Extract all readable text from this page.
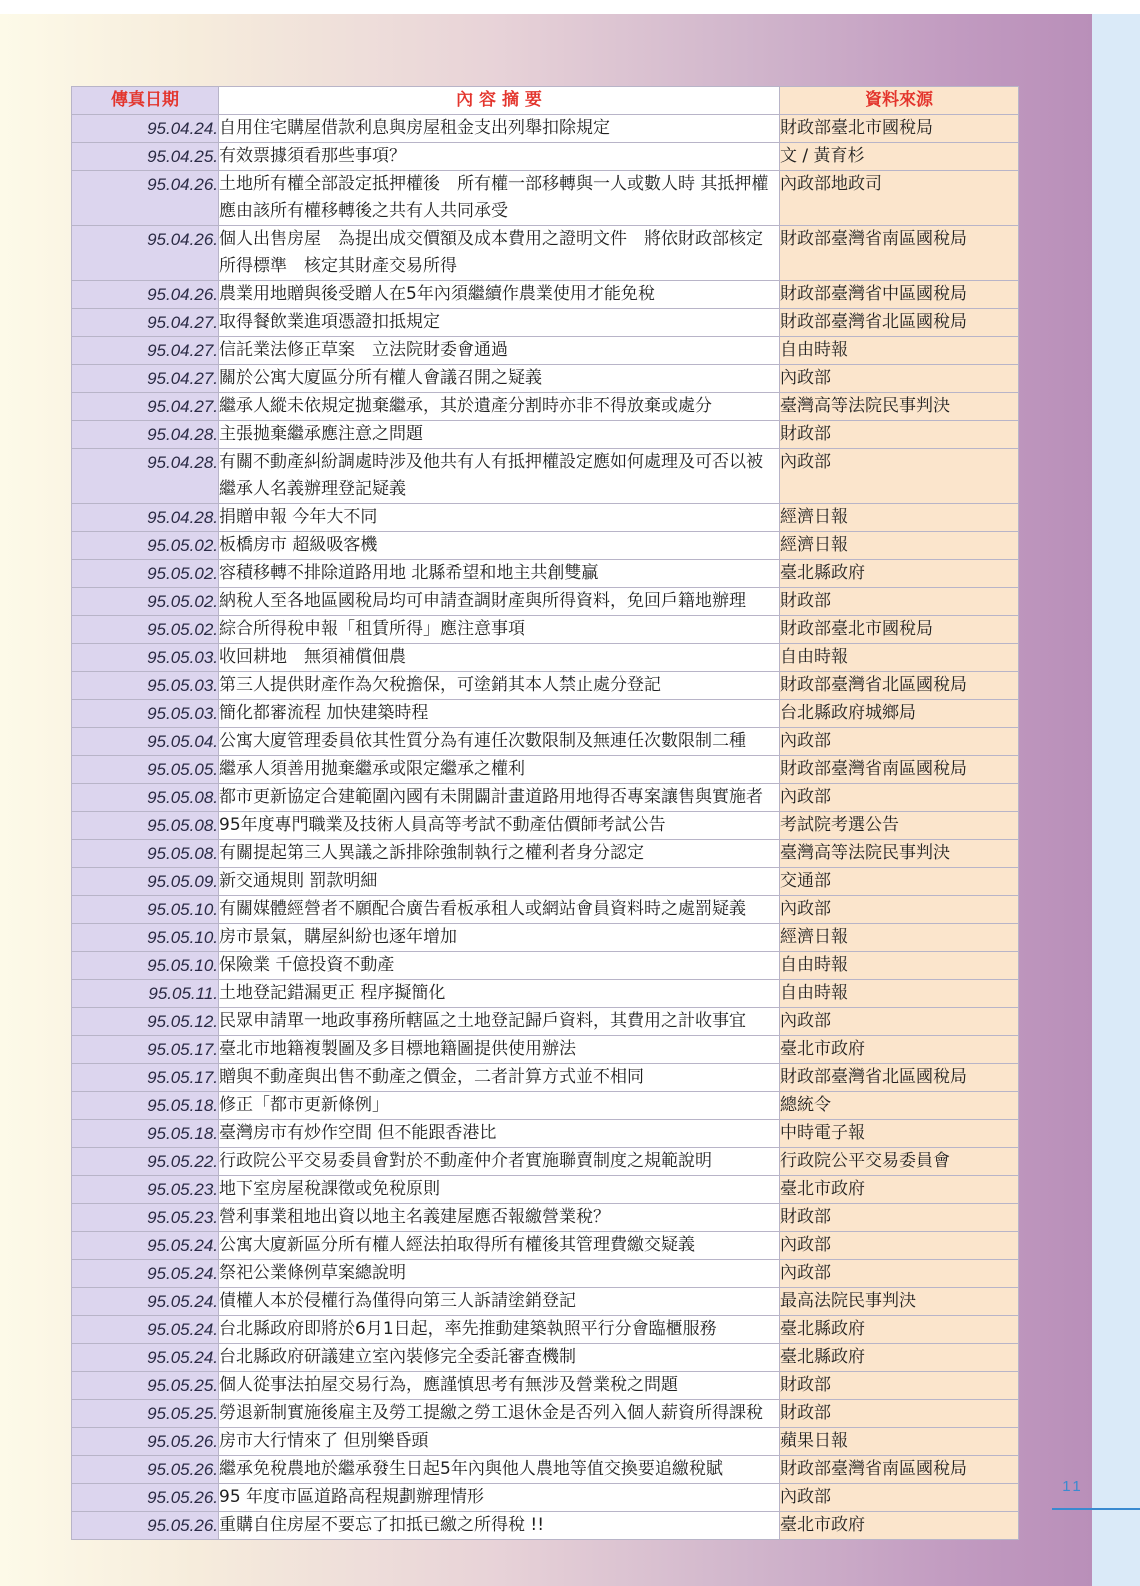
傳真日期	內 容 摘 要	資料來源
95.04.24.	自用住宅購屋借款利息與房屋租金支出列舉扣除規定	財政部臺北市國稅局
95.04.25.	有效票據須看那些事項？	文 / 黃育杉
95.04.26.	土地所有權全部設定抵押權後　所有權一部移轉與一人或數人時 其抵押權應由該所有權移轉後之共有人共同承受	內政部地政司
95.04.26.	個人出售房屋　為提出成交價額及成本費用之證明文件　將依財政部核定所得標準　核定其財產交易所得	財政部臺灣省南區國稅局
95.04.26.	農業用地贈與後受贈人在5年內須繼續作農業使用才能免稅	財政部臺灣省中區國稅局
95.04.27.	取得餐飲業進項憑證扣抵規定	財政部臺灣省北區國稅局
95.04.27.	信託業法修正草案　立法院財委會通過	自由時報
95.04.27.	關於公寓大廈區分所有權人會議召開之疑義	內政部
95.04.27.	繼承人縱未依規定拋棄繼承，其於遺產分割時亦非不得放棄或處分	臺灣高等法院民事判決
95.04.28.	主張拋棄繼承應注意之問題	財政部
95.04.28.	有關不動產糾紛調處時涉及他共有人有抵押權設定應如何處理及可否以被繼承人名義辦理登記疑義	內政部
95.04.28.	捐贈申報 今年大不同	經濟日報
95.05.02.	板橋房市 超級吸客機	經濟日報
95.05.02.	容積移轉不排除道路用地 北縣希望和地主共創雙贏	臺北縣政府
95.05.02.	納稅人至各地區國稅局均可申請查調財產與所得資料，免回戶籍地辦理	財政部
95.05.02.	綜合所得稅申報「租賃所得」應注意事項	財政部臺北市國稅局
95.05.03.	收回耕地　無須補償佃農	自由時報
95.05.03.	第三人提供財產作為欠稅擔保，可塗銷其本人禁止處分登記	財政部臺灣省北區國稅局
95.05.03.	簡化都審流程 加快建築時程	台北縣政府城鄉局
95.05.04.	公寓大廈管理委員依其性質分為有連任次數限制及無連任次數限制二種	內政部
95.05.05.	繼承人須善用拋棄繼承或限定繼承之權利	財政部臺灣省南區國稅局
95.05.08.	都市更新協定合建範圍內國有未開闢計畫道路用地得否專案讓售與實施者	內政部
95.05.08.	95年度專門職業及技術人員高等考試不動產估價師考試公告	考試院考選公告
95.05.08.	有關提起第三人異議之訴排除強制執行之權利者身分認定	臺灣高等法院民事判決
95.05.09.	新交通規則 罰款明細	交通部
95.05.10.	有關媒體經營者不願配合廣告看板承租人或網站會員資料時之處罰疑義	內政部
95.05.10.	房市景氣，購屋糾紛也逐年增加	經濟日報
95.05.10.	保險業 千億投資不動產	自由時報
95.05.11.	土地登記錯漏更正 程序擬簡化	自由時報
95.05.12.	民眾申請單一地政事務所轄區之土地登記歸戶資料，其費用之計收事宜	內政部
95.05.17.	臺北市地籍複製圖及多目標地籍圖提供使用辦法	臺北市政府
95.05.17.	贈與不動產與出售不動產之價金，二者計算方式並不相同	財政部臺灣省北區國稅局
95.05.18.	修正「都市更新條例」	總統令
95.05.18.	臺灣房市有炒作空間 但不能跟香港比	中時電子報
95.05.22.	行政院公平交易委員會對於不動產仲介者實施聯賣制度之規範說明	行政院公平交易委員會
95.05.23.	地下室房屋稅課徵或免稅原則	臺北市政府
95.05.23.	營利事業租地出資以地主名義建屋應否報繳營業稅？	財政部
95.05.24.	公寓大廈新區分所有權人經法拍取得所有權後其管理費繳交疑義	內政部
95.05.24.	祭祀公業條例草案總說明	內政部
95.05.24.	債權人本於侵權行為僅得向第三人訴請塗銷登記	最高法院民事判決
95.05.24.	台北縣政府即將於6月1日起，率先推動建築執照平行分會臨櫃服務	臺北縣政府
95.05.24.	台北縣政府研議建立室內裝修完全委託審查機制	臺北縣政府
95.05.25.	個人從事法拍屋交易行為，應謹慎思考有無涉及營業稅之問題	財政部
95.05.25.	勞退新制實施後雇主及勞工提繳之勞工退休金是否列入個人薪資所得課稅	財政部
95.05.26.	房市大行情來了 但別樂昏頭	蘋果日報
95.05.26.	繼承免稅農地於繼承發生日起5年內與他人農地等值交換要追繳稅賦	財政部臺灣省南區國稅局
95.05.26.	95 年度市區道路高程規劃辦理情形	內政部
95.05.26.	重購自住房屋不要忘了扣抵已繳之所得稅 !!	臺北市政府
11
